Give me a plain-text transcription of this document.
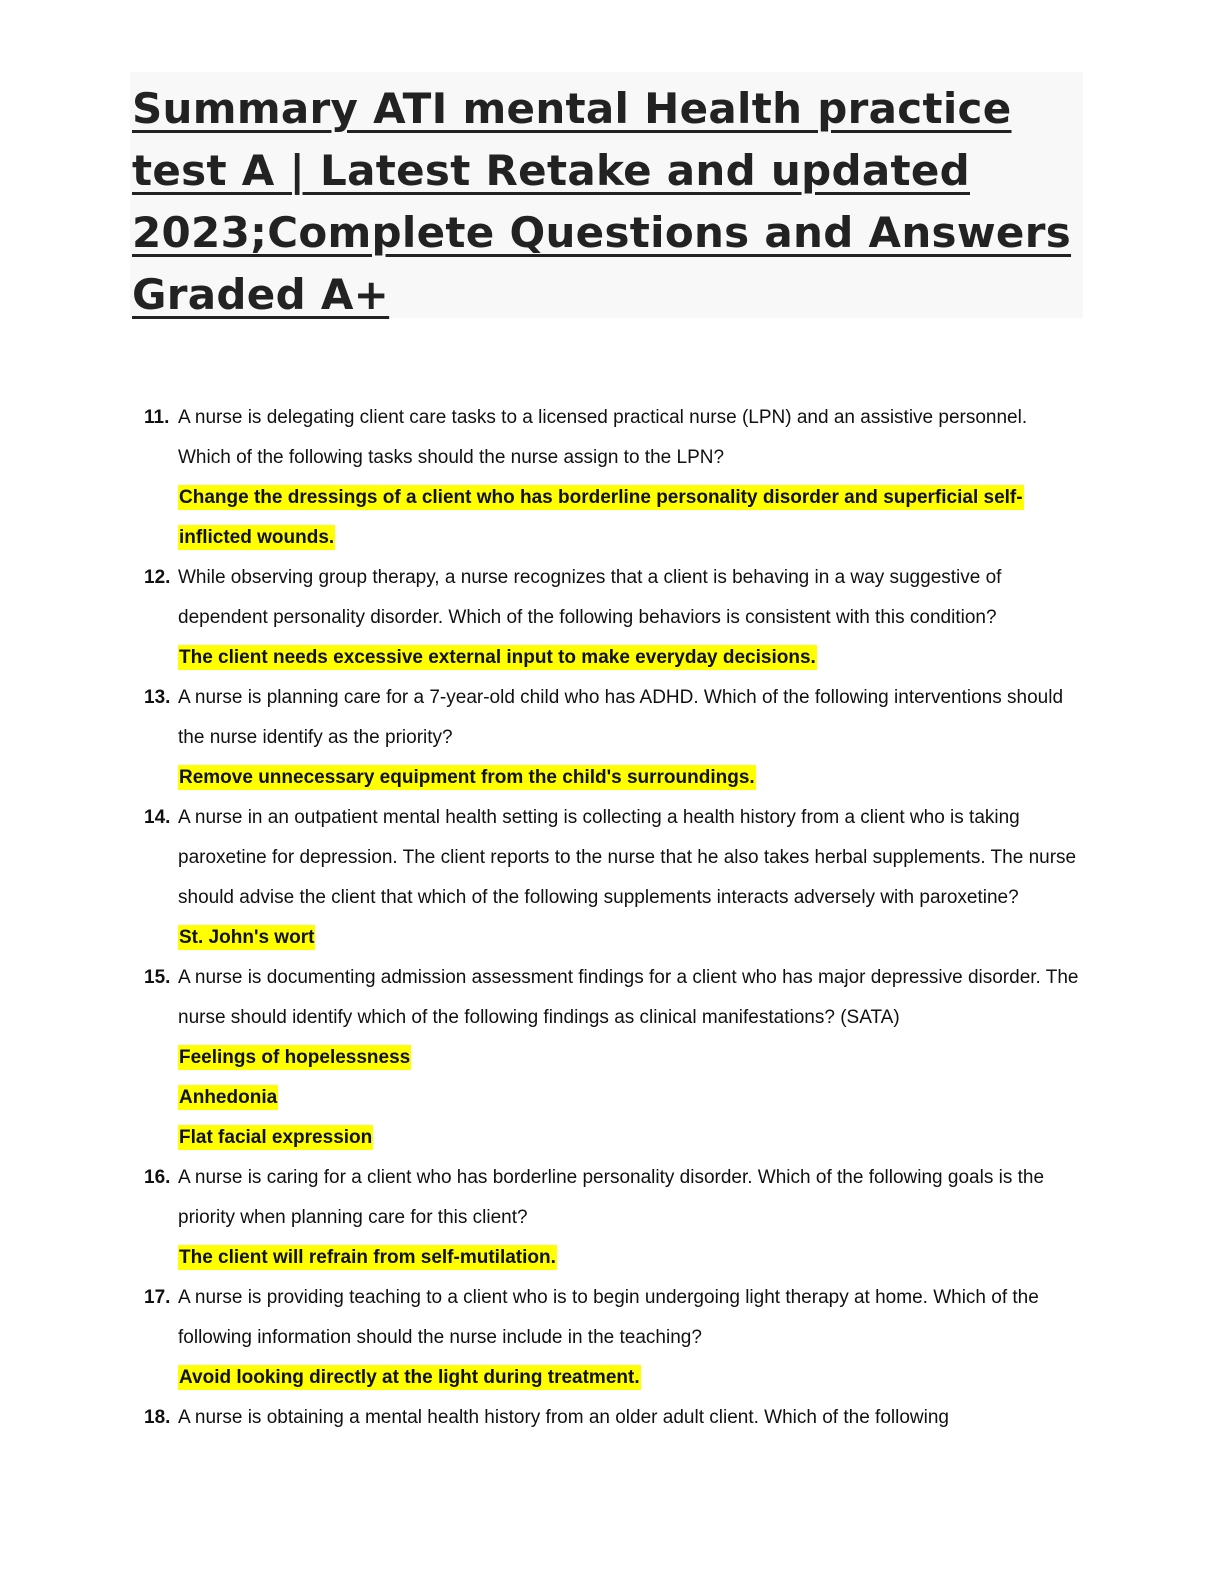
Summary ATI mental Health practice
test A | Latest Retake and updated
2023;Complete Questions and Answers
Graded A+
11. A nurse is delegating client care tasks to a licensed practical nurse (LPN) and an assistive personnel. Which of the following tasks should the nurse assign to the LPN?

Change the dressings of a client who has borderline personality disorder and superficial self-inflicted wounds.

12. While observing group therapy, a nurse recognizes that a client is behaving in a way suggestive of dependent personality disorder. Which of the following behaviors is consistent with this condition?

The client needs excessive external input to make everyday decisions.

13. A nurse is planning care for a 7-year-old child who has ADHD. Which of the following interventions should the nurse identify as the priority?

Remove unnecessary equipment from the child's surroundings.

14. A nurse in an outpatient mental health setting is collecting a health history from a client who is taking paroxetine for depression. The client reports to the nurse that he also takes herbal supplements. The nurse should advise the client that which of the following supplements interacts adversely with paroxetine?

St. John's wort

15. A nurse is documenting admission assessment findings for a client who has major depressive disorder. The nurse should identify which of the following findings as clinical manifestations? (SATA)

Feelings of hopelessness

Anhedonia

Flat facial expression

16. A nurse is caring for a client who has borderline personality disorder. Which of the following goals is the priority when planning care for this client?

The client will refrain from self-mutilation.

17. A nurse is providing teaching to a client who is to begin undergoing light therapy at home. Which of the following information should the nurse include in the teaching?

Avoid looking directly at the light during treatment.

18. A nurse is obtaining a mental health history from an older adult client. Which of the following
